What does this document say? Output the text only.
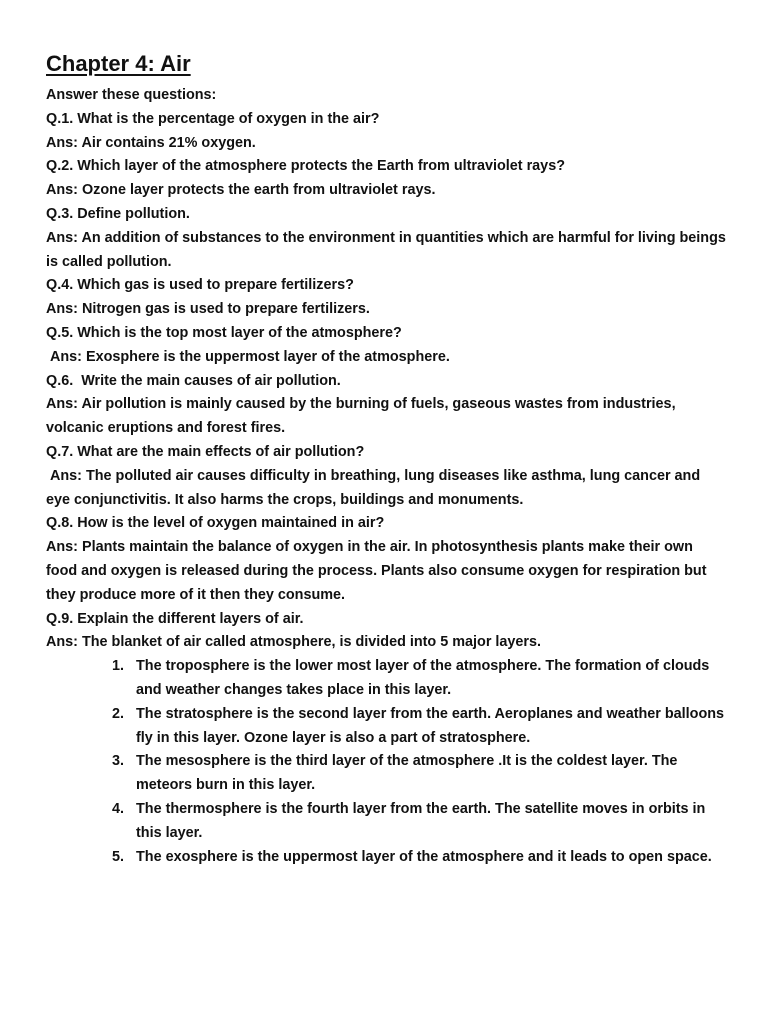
Chapter 4: Air

Answer these questions:

Q.1. What is the percentage of oxygen in the air?

Ans: Air contains 21% oxygen.

Q.2. Which layer of the atmosphere protects the Earth from ultraviolet rays?

Ans: Ozone layer protects the earth from ultraviolet rays.

Q.3. Define pollution.

Ans: An addition of substances to the environment in quantities which are harmful for living beings is called pollution.

Q.4. Which gas is used to prepare fertilizers?

Ans: Nitrogen gas is used to prepare fertilizers.

Q.5. Which is the top most layer of the atmosphere?

Ans: Exosphere is the uppermost layer of the atmosphere.

Q.6.  Write the main causes of air pollution.

Ans: Air pollution is mainly caused by the burning of fuels, gaseous wastes from industries, volcanic eruptions and forest fires.

Q.7. What are the main effects of air pollution?

Ans: The polluted air causes difficulty in breathing, lung diseases like asthma, lung cancer and eye conjunctivitis. It also harms the crops, buildings and monuments.

Q.8. How is the level of oxygen maintained in air?

Ans: Plants maintain the balance of oxygen in the air. In photosynthesis plants make their own food and oxygen is released during the process. Plants also consume oxygen for respiration but they produce more of it then they consume.

Q.9. Explain the different layers of air.

Ans: The blanket of air called atmosphere, is divided into 5 major layers.

1. The troposphere is the lower most layer of the atmosphere. The formation of clouds and weather changes takes place in this layer.
2. The stratosphere is the second layer from the earth. Aeroplanes and weather balloons fly in this layer. Ozone layer is also a part of stratosphere.
3. The mesosphere is the third layer of the atmosphere .It is the coldest layer. The meteors burn in this layer.
4. The thermosphere is the fourth layer from the earth. The satellite moves in orbits in this layer.
5. The exosphere is the uppermost layer of the atmosphere and it leads to open space.
